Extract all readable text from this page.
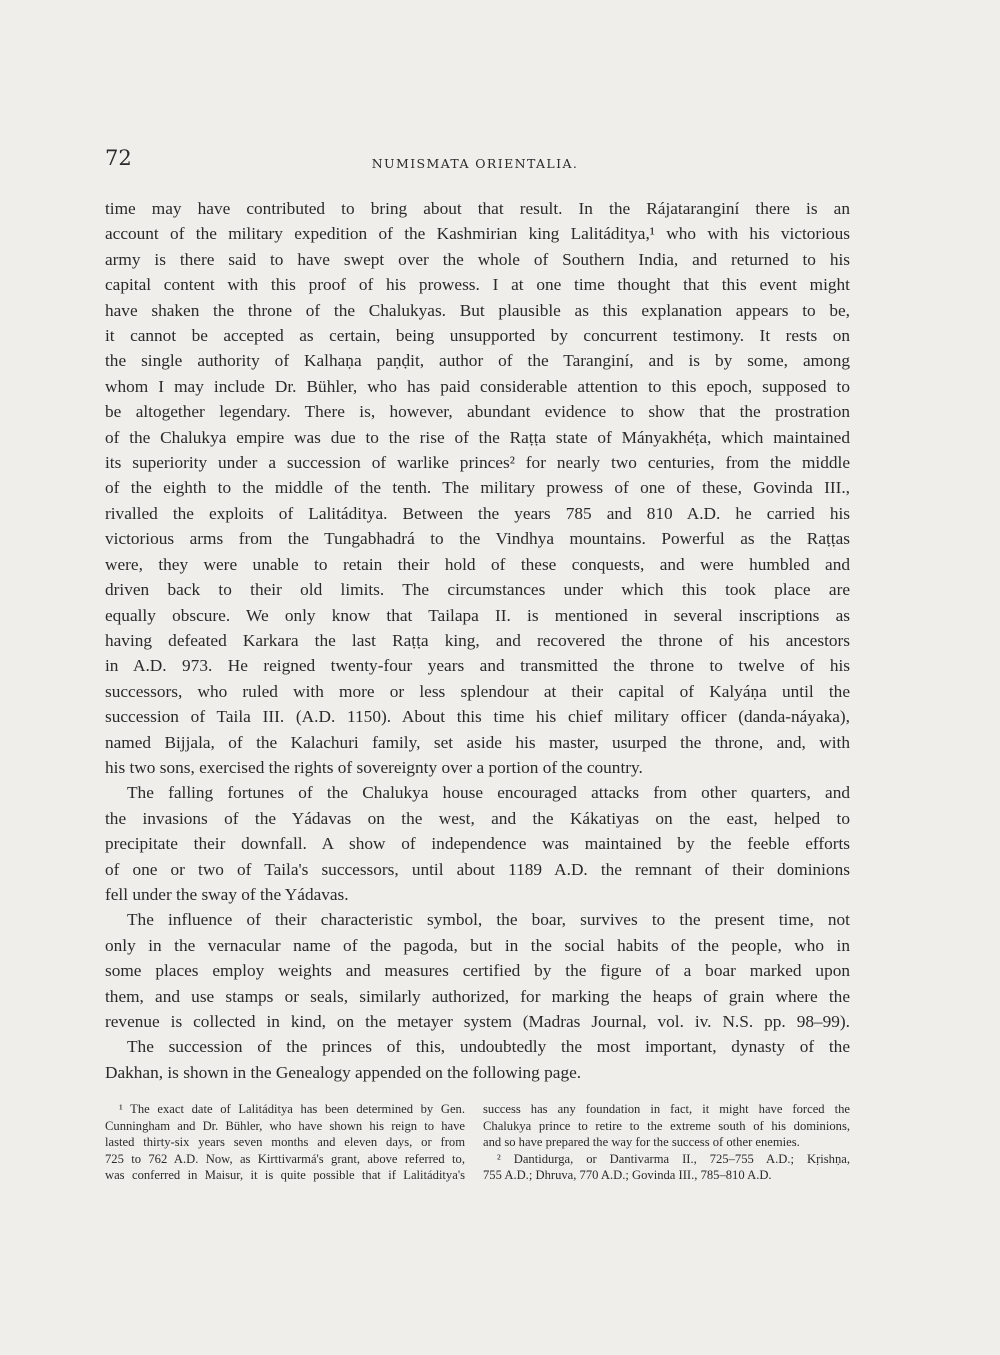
72	NUMISMATA ORIENTALIA.
time may have contributed to bring about that result. In the Rájataranginí there is an
account of the military expedition of the Kashmirian king Lalitáditya,¹ who with his victorious
army is there said to have swept over the whole of Southern India, and returned to his
capital content with this proof of his prowess. I at one time thought that this event might
have shaken the throne of the Chalukyas. But plausible as this explanation appears to be,
it cannot be accepted as certain, being unsupported by concurrent testimony. It rests on
the single authority of Kalhaṇa paṇḍit, author of the Taranginí, and is by some, among
whom I may include Dr. Bühler, who has paid considerable attention to this epoch, supposed to
be altogether legendary. There is, however, abundant evidence to show that the prostration
of the Chalukya empire was due to the rise of the Raṭṭa state of Mányakhéṭa, which maintained
its superiority under a succession of warlike princes² for nearly two centuries, from the middle
of the eighth to the middle of the tenth. The military prowess of one of these, Govinda III.,
rivalled the exploits of Lalitáditya. Between the years 785 and 810 A.D. he carried his
victorious arms from the Tungabhadrá to the Vindhya mountains. Powerful as the Raṭṭas
were, they were unable to retain their hold of these conquests, and were humbled and
driven back to their old limits. The circumstances under which this took place are
equally obscure. We only know that Tailapa II. is mentioned in several inscriptions as
having defeated Karkara the last Raṭṭa king, and recovered the throne of his ancestors
in A.D. 973. He reigned twenty-four years and transmitted the throne to twelve of his
successors, who ruled with more or less splendour at their capital of Kalyáṇa until the
succession of Taila III. (A.D. 1150). About this time his chief military officer (danda-náyaka),
named Bijjala, of the Kalachuri family, set aside his master, usurped the throne, and, with
his two sons, exercised the rights of sovereignty over a portion of the country.
The falling fortunes of the Chalukya house encouraged attacks from other quarters, and
the invasions of the Yádavas on the west, and the Kákatiyas on the east, helped to
precipitate their downfall. A show of independence was maintained by the feeble efforts
of one or two of Taila's successors, until about 1189 A.D. the remnant of their dominions
fell under the sway of the Yádavas.
The influence of their characteristic symbol, the boar, survives to the present time, not
only in the vernacular name of the pagoda, but in the social habits of the people, who in
some places employ weights and measures certified by the figure of a boar marked upon
them, and use stamps or seals, similarly authorized, for marking the heaps of grain where the
revenue is collected in kind, on the metayer system (Madras Journal, vol. iv. N.S. pp. 98–99).
The succession of the princes of this, undoubtedly the most important, dynasty of the
Dakhan, is shown in the Genealogy appended on the following page.
¹ The exact date of Lalitáditya has been determined by Gen.
Cunningham and Dr. Bühler, who have shown his reign to have
lasted thirty-six years seven months and eleven days, or from
725 to 762 A.D. Now, as Kirttivarmá's grant, above referred to,
was conferred in Maisur, it is quite possible that if Lalitáditya's
success has any foundation in fact, it might have forced the
Chalukya prince to retire to the extreme south of his dominions,
and so have prepared the way for the success of other enemies.
² Dantidurga, or Dantivarma II., 725–755 A.D.; Kṛishṇa,
755 A.D.; Dhruva, 770 A.D.; Govinda III., 785–810 A.D.
